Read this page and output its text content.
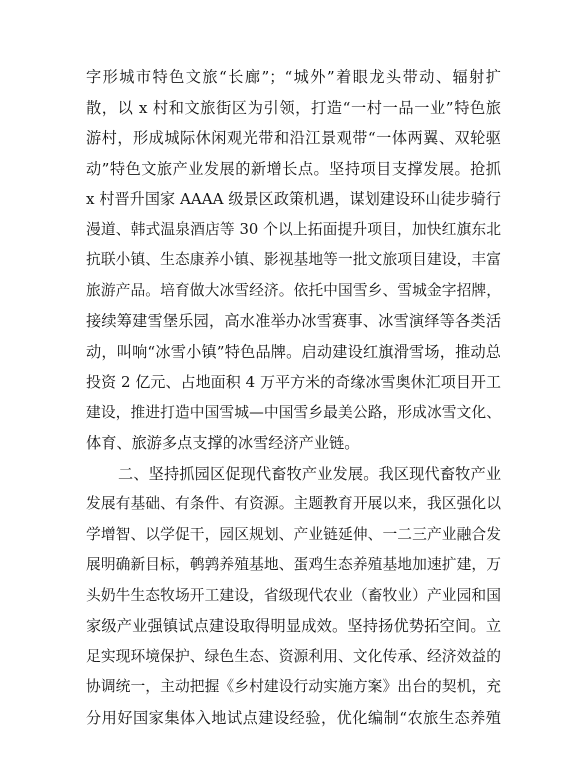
字形城市特色文旅“长廊”；“城外”着眼龙头带动、辐射扩
散，以 x 村和文旅街区为引领，打造“一村一品一业”特色旅
游村，形成城际休闲观光带和沿江景观带“一体两翼、双轮驱
动”特色文旅产业发展的新增长点。坚持项目支撑发展。抢抓
x 村晋升国家 AAAA 级景区政策机遇，谋划建设环山徒步骑行
漫道、韩式温泉酒店等 30 个以上拓面提升项目，加快红旗东北
抗联小镇、生态康养小镇、影视基地等一批文旅项目建设，丰富
旅游产品。培育做大冰雪经济。依托中国雪乡、雪城金字招牌，
接续筹建雪堡乐园，高水准举办冰雪赛事、冰雪演绎等各类活
动，叫响“冰雪小镇”特色品牌。启动建设红旗滑雪场，推动总
投资 2 亿元、占地面积 4 万平方米的奇缘冰雪奥休汇项目开工
建设，推进打造中国雪城—中国雪乡最美公路，形成冰雪文化、
体育、旅游多点支撑的冰雪经济产业链。
二、坚持抓园区促现代畜牧产业发展。我区现代畜牧产业
发展有基础、有条件、有资源。主题教育开展以来，我区强化以
学增智、以学促干，园区规划、产业链延伸、一二三产业融合发
展明确新目标，鹌鹑养殖基地、蛋鸡生态养殖基地加速扩建，万
头奶牛生态牧场开工建设，省级现代农业（畜牧业）产业园和国
家级产业强镇试点建设取得明显成效。坚持扬优势拓空间。立
足实现环境保护、绿色生态、资源利用、文化传承、经济效益的
协调统一，主动把握《乡村建设行动实施方案》出台的契机，充
分用好国家集体入地试点建设经验，优化编制“农旅生态养殖
